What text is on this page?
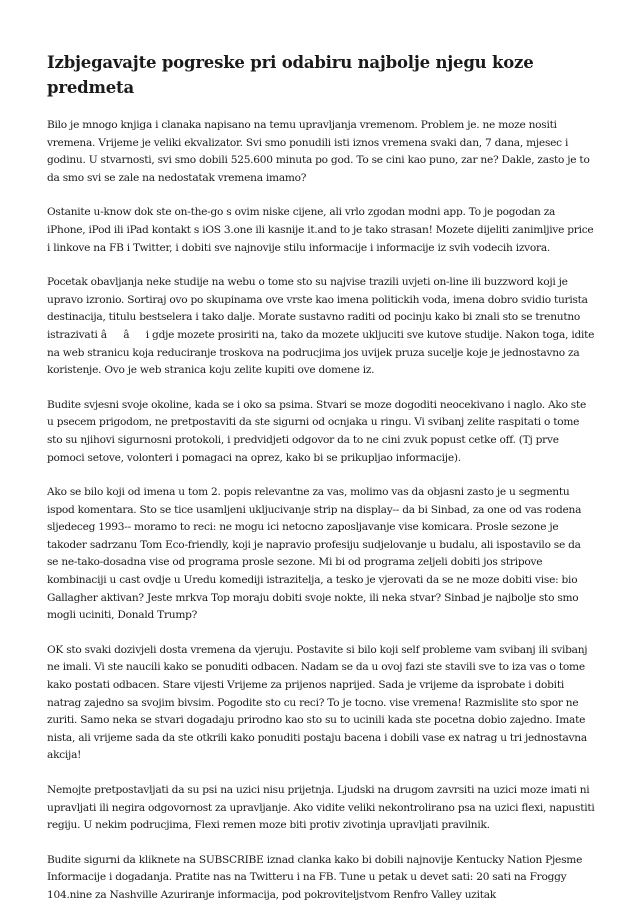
Izbjegavajte pogreske pri odabiru najbolje njegu koze predmeta

Bilo je mnogo knjiga i clanaka napisano na temu upravljanja vremenom. Problem je. ne moze nositi vremena. Vrijeme je veliki ekvalizator. Svi smo ponudili isti iznos vremena svaki dan, 7 dana, mjesec i godinu. U stvarnosti, svi smo dobili 525.600 minuta po god. To se cini kao puno, zar ne? Dakle, zasto je to da smo svi se zale na nedostatak vremena imamo?

Ostanite u-know dok ste on-the-go s ovim niske cijene, ali vrlo zgodan modni app. To je pogodan za iPhone, iPod ili iPad kontakt s iOS 3.one ili kasnije it.and to je tako strasan! Mozete dijeliti zanimljive price i linkove na FB i Twitter, i dobiti sve najnovije stilu informacije i informacije iz svih vodecih izvora.

Pocetak obavljanja neke studije na webu o tome sto su najvise trazili uvjeti on-line ili buzzword koji je upravo izronio. Sortiraj ovo po skupinama ove vrste kao imena politickih voda, imena dobro svidio turista destinacija, titulu bestselera i tako dalje. Morate sustavno raditi od pocinju kako bi znali sto se trenutno istrazivati ââi gdje mozete prosiriti na, tako da mozete ukljuciti sve kutove studije. Nakon toga, idite na web stranicu koja reduciranje troskova na podrucjima jos uvijek pruza sucelje koje je jednostavno za koristenje. Ovo je web stranica koju zelite kupiti ove domene iz.

Budite svjesni svoje okoline, kada se i oko sa psima. Stvari se moze dogoditi neocekivano i naglo. Ako ste u psecem prigodom, ne pretpostaviti da ste sigurni od ocnjaka u ringu. Vi svibanj zelite raspitati o tome sto su njihovi sigurnosni protokoli, i predvidjeti odgovor da to ne cini zvuk popust cetke off. (Tj prve pomoci setove, volonteri i pomagaci na oprez, kako bi se prikupljao informacije).

Ako se bilo koji od imena u tom 2. popis relevantne za vas, molimo vas da objasni zasto je u segmentu ispod komentara. Sto se tice usamljeni ukljucivanje strip na display-- da bi Sinbad, za one od vas rodena sljedeceg 1993-- moramo to reci: ne mogu ici netocno zaposljavanje vise komicara. Prosle sezone je takoder sadrzanu Tom Eco-friendly, koji je napravio profesiju sudjelovanje u budalu, ali ispostavilo se da se ne-tako-dosadna vise od programa prosle sezone. Mi bi od programa zeljeli dobiti jos stripove kombinaciji u cast ovdje u Uredu komediji istrazitelja, a tesko je vjerovati da se ne moze dobiti vise: bio Gallagher aktivan? Jeste mrkva Top moraju dobiti svoje nokte, ili neka stvar? Sinbad je najbolje sto smo mogli uciniti, Donald Trump?

OK sto svaki dozivjeli dosta vremena da vjeruju. Postavite si bilo koji self probleme vam svibanj ili svibanj ne imali. Vi ste naucili kako se ponuditi odbacen. Nadam se da u ovoj fazi ste stavili sve to iza vas o tome kako postati odbacen. Stare vijesti Vrijeme za prijenos naprijed. Sada je vrijeme da isprobate i dobiti natrag zajedno sa svojim bivsim. Pogodite sto cu reci? To je tocno. vise vremena! Razmislite sto spor ne zuriti. Samo neka se stvari dogadaju prirodno kao sto su to ucinili kada ste pocetna dobio zajedno. Imate nista, ali vrijeme sada da ste otkrili kako ponuditi postaju bacena i dobili vase ex natrag u tri jednostavna akcija!

Nemojte pretpostavljati da su psi na uzici nisu prijetnja. Ljudski na drugom zavrsiti na uzici moze imati ni upravljati ili negira odgovornost za upravljanje. Ako vidite veliki nekontrolirano psa na uzici flexi, napustiti regiju. U nekim podrucjima, Flexi remen moze biti protiv zivotinja upravljati pravilnik.

Budite sigurni da kliknete na SUBSCRIBE iznad clanka kako bi dobili najnovije Kentucky Nation Pjesme Informacije i dogadanja. Pratite nas na Twitteru i na FB. Tune u petak u devet sati: 20 sati na Froggy 104.nine za Nashville Azuriranje informacija, pod pokroviteljstvom Renfro Valley uzitak
